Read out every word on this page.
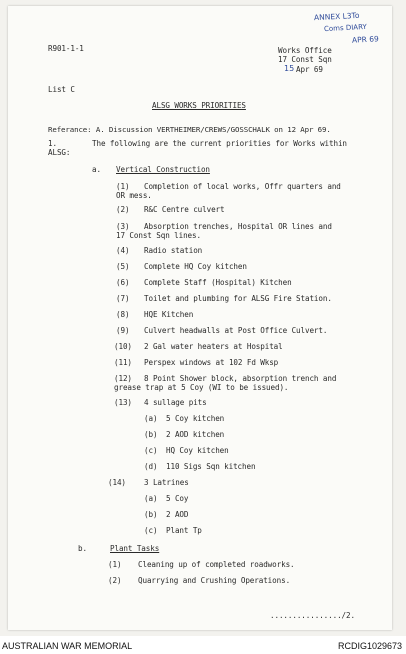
ANNEX L3To
Coms DIARY
APR 69
R901-1-1	Works Office
17 Const Sqn
15 Apr 69
List C
ALSG WORKS PRIORITIES
Referance: A. Discussion VERTHEIMER/CREWS/GOSSCHALK on 12 Apr 69.
1.	The following are the current priorities for Works within
ALSG:
a. Vertical Construction
(1) Completion of local works, Offr quarters and
OR mess.
(2) R&C Centre culvert
(3) Absorption trenches, Hospital OR lines and
17 Const Sqn lines.
(4) Radio station
(5) Complete HQ Coy kitchen
(6) Complete Staff (Hospital) Kitchen
(7) Toilet and plumbing for ALSG Fire Station.
(8) HQE Kitchen
(9) Culvert headwalls at Post Office Culvert.
(10) 2 Gal water heaters at Hospital
(11) Perspex windows at 102 Fd Wksp
(12) 8 Point Shower block, absorption trench and
grease trap at 5 Coy (WI to be issued).
(13) 4 sullage pits
(a) 5 Coy kitchen
(b) 2 AOD kitchen
(c) HQ Coy kitchen
(d) 110 Sigs Sqn kitchen
(14) 3 Latrines
(a) 5 Coy
(b) 2 AOD
(c) Plant Tp
b.	Plant Tasks
(1) Cleaning up of completed roadworks.
(2) Quarrying and Crushing Operations.
................/2.
AUSTRALIAN WAR MEMORIAL	RCDIG1029673
